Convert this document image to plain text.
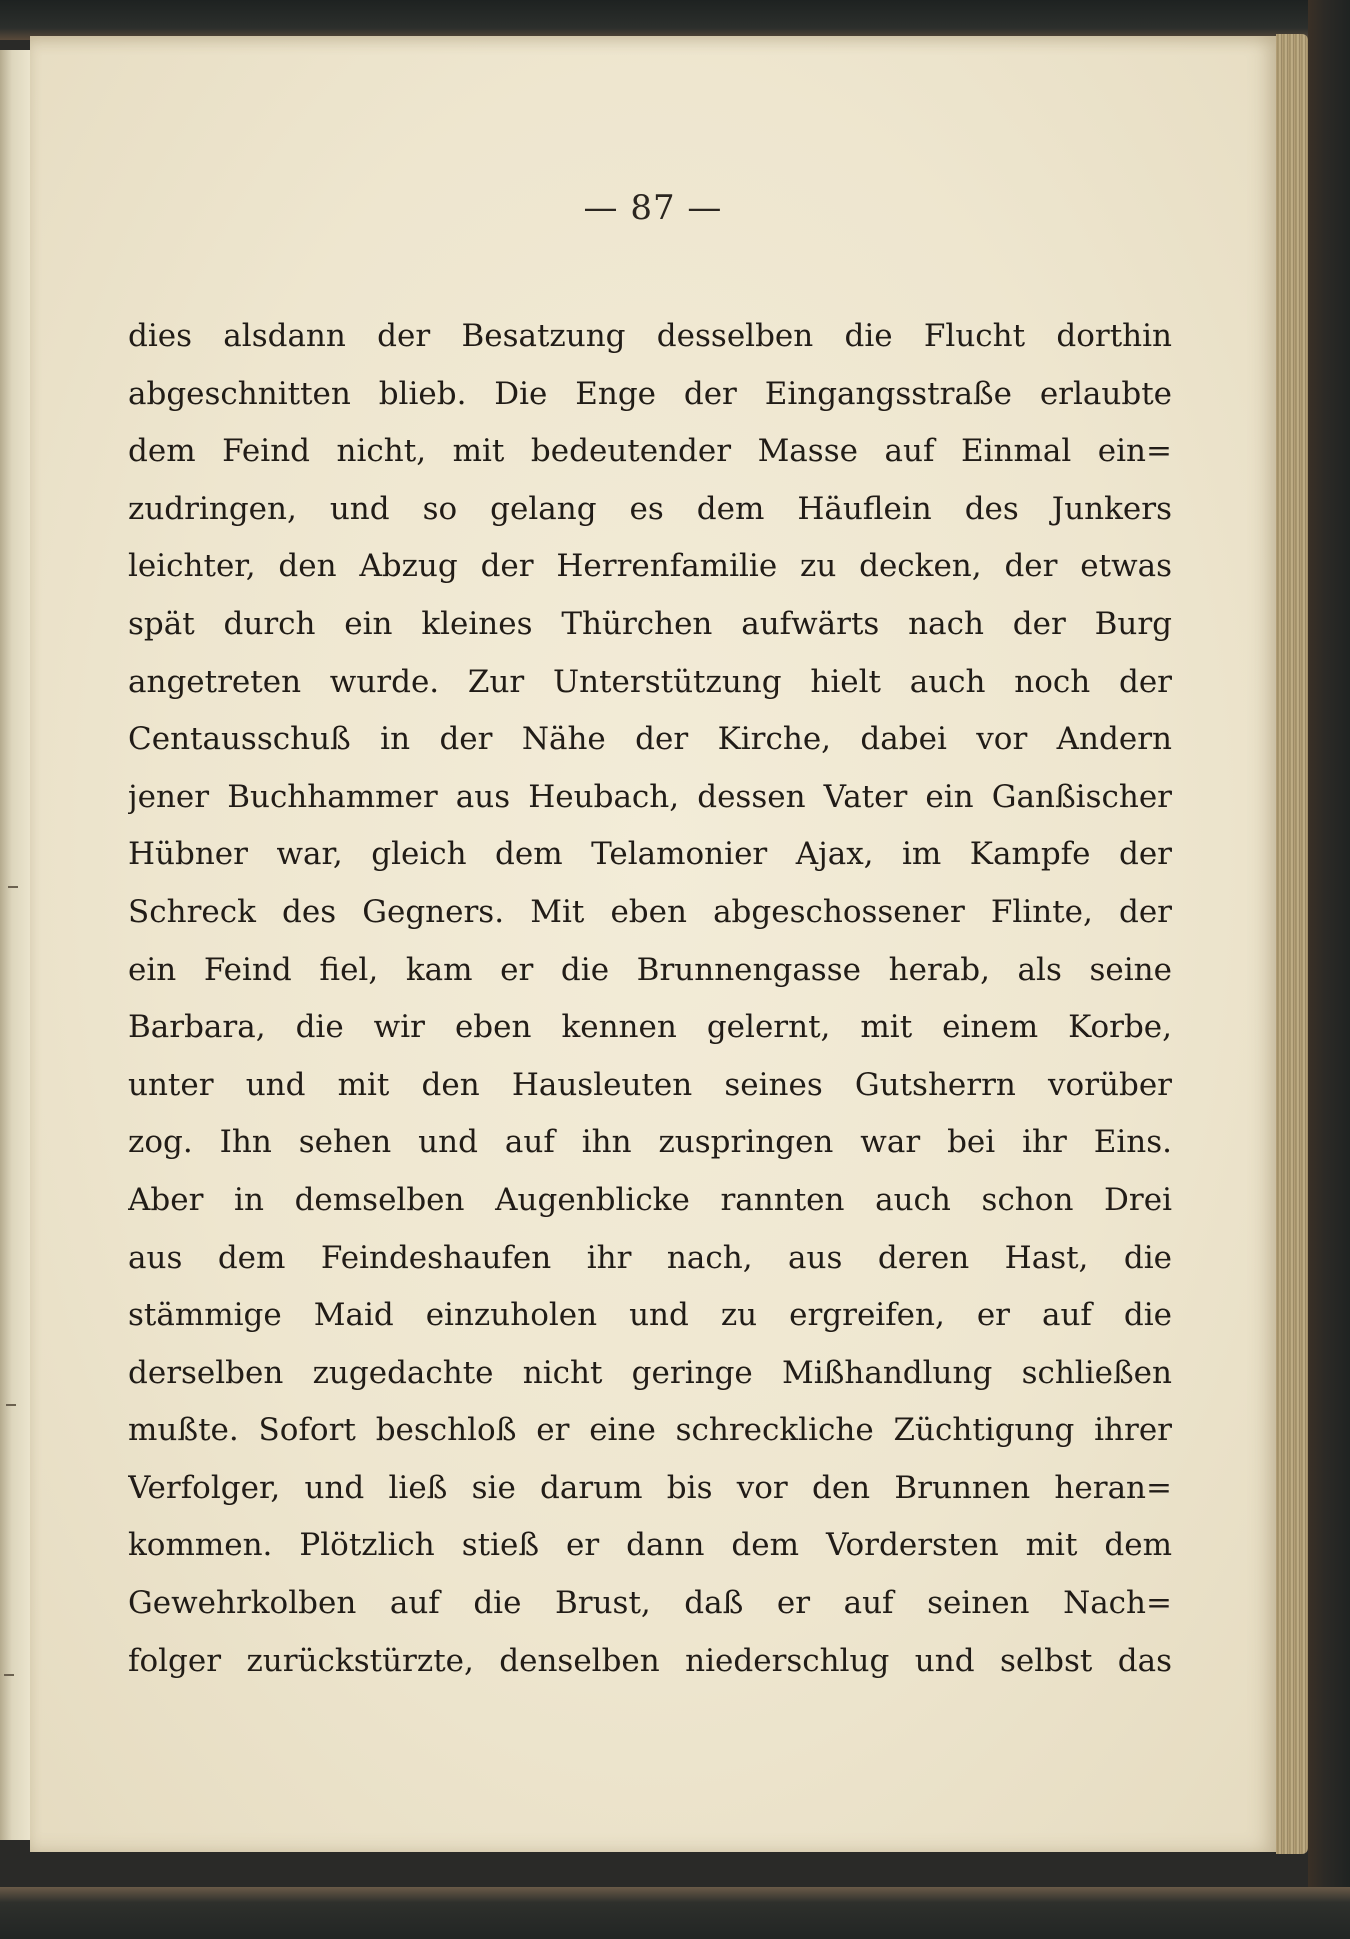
— 87 —
dies alsdann der Besatzung desselben die Flucht dorthin
abgeschnitten blieb. Die Enge der Eingangsstraße erlaubte
dem Feind nicht, mit bedeutender Masse auf Einmal ein=
zudringen, und so gelang es dem Häuflein des Junkers
leichter, den Abzug der Herrenfamilie zu decken, der etwas
spät durch ein kleines Thürchen aufwärts nach der Burg
angetreten wurde. Zur Unterstützung hielt auch noch der
Centausschuß in der Nähe der Kirche, dabei vor Andern
jener Buchhammer aus Heubach, dessen Vater ein Ganßischer
Hübner war, gleich dem Telamonier Ajax, im Kampfe der
Schreck des Gegners. Mit eben abgeschossener Flinte, der
ein Feind fiel, kam er die Brunnengasse herab, als seine
Barbara, die wir eben kennen gelernt, mit einem Korbe,
unter und mit den Hausleuten seines Gutsherrn vorüber
zog. Ihn sehen und auf ihn zuspringen war bei ihr Eins.
Aber in demselben Augenblicke rannten auch schon Drei
aus dem Feindeshaufen ihr nach, aus deren Hast, die
stämmige Maid einzuholen und zu ergreifen, er auf die
derselben zugedachte nicht geringe Mißhandlung schließen
mußte. Sofort beschloß er eine schreckliche Züchtigung ihrer
Verfolger, und ließ sie darum bis vor den Brunnen heran=
kommen. Plötzlich stieß er dann dem Vordersten mit dem
Gewehrkolben auf die Brust, daß er auf seinen Nach=
folger zurückstürzte, denselben niederschlug und selbst das
